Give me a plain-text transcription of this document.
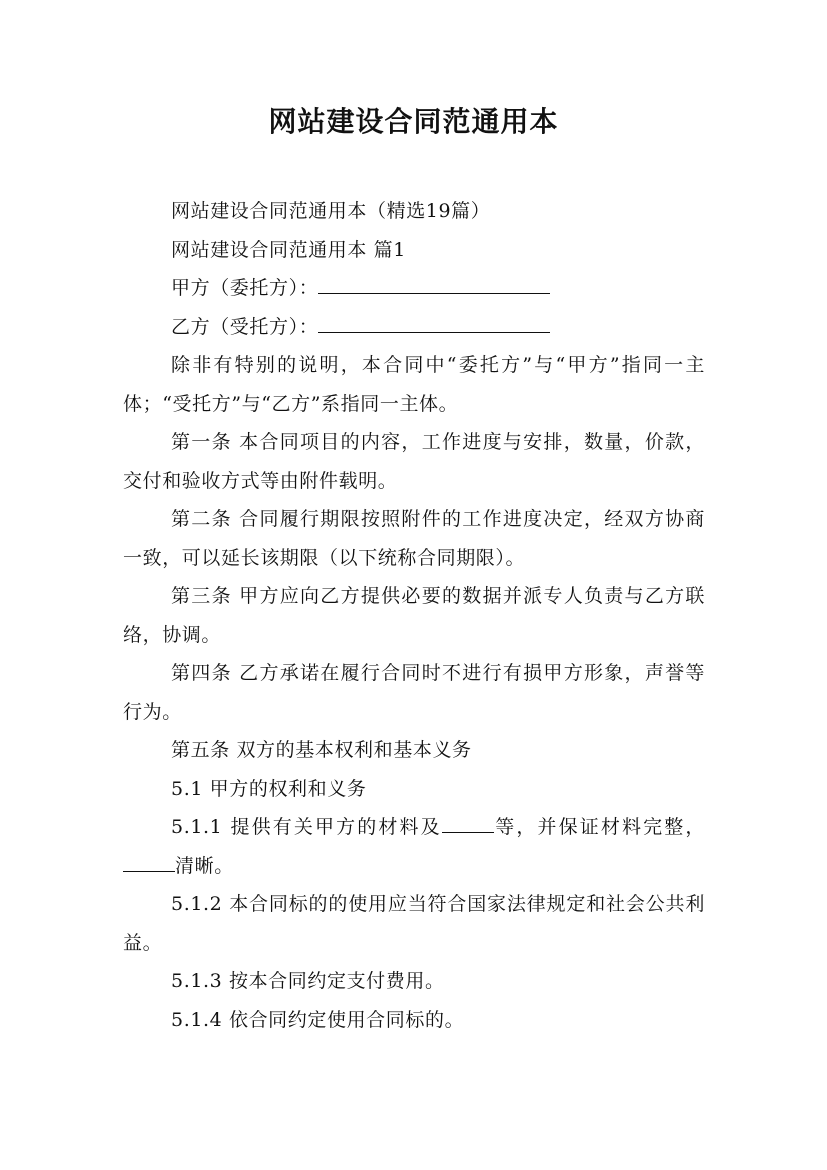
网站建设合同范通用本

网站建设合同范通用本（精选19篇）

网站建设合同范通用本 篇1

甲方（委托方）：

乙方（受托方）：

除非有特别的说明，本合同中“委托方”与“甲方”指同一主体；“受托方”与“乙方”系指同一主体。

第一条 本合同项目的内容，工作进度与安排，数量，价款，交付和验收方式等由附件载明。

第二条 合同履行期限按照附件的工作进度决定，经双方协商一致，可以延长该期限（以下统称合同期限）。

第三条 甲方应向乙方提供必要的数据并派专人负责与乙方联络，协调。

第四条 乙方承诺在履行合同时不进行有损甲方形象，声誉等行为。

第五条 双方的基本权利和基本义务

5.1 甲方的权利和义务

5.1.1 提供有关甲方的材料及	等，并保证材料完整，清晰。

5.1.2 本合同标的的使用应当符合国家法律规定和社会公共利益。

5.1.3 按本合同约定支付费用。

5.1.4 依合同约定使用合同标的。
